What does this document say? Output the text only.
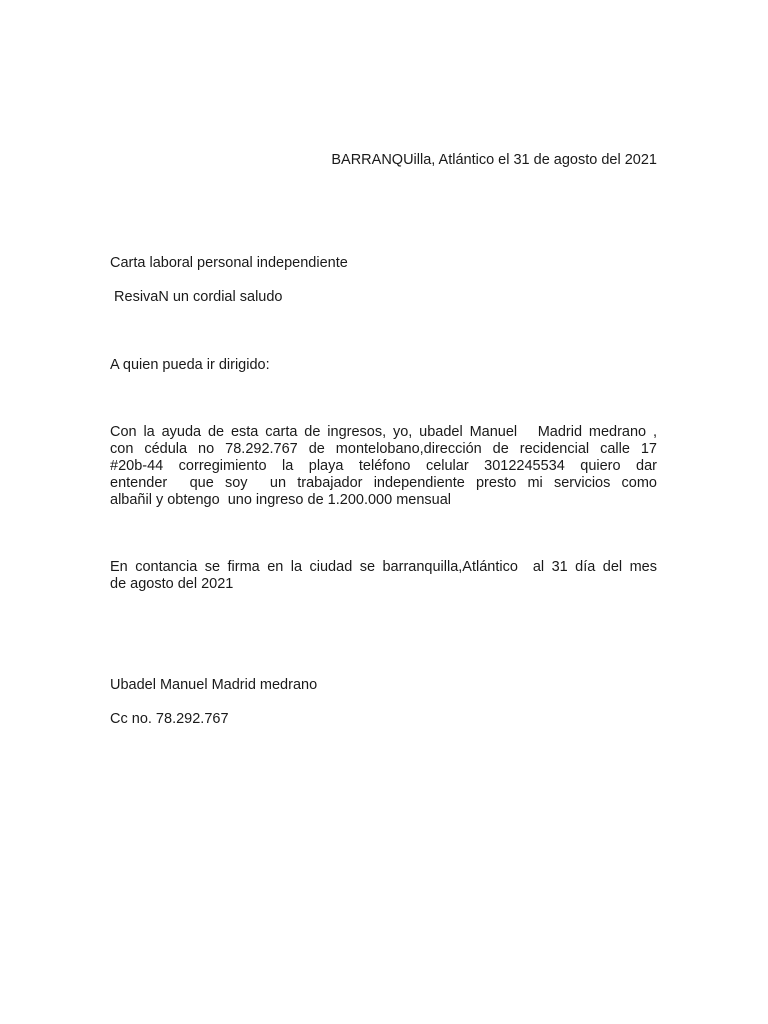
BARRANQUilla, Atlántico el 31 de agosto del 2021
Carta laboral personal independiente
ResivaN un cordial saludo
A quien pueda ir dirigido:
Con la ayuda de esta carta de ingresos, yo, ubadel Manuel   Madrid medrano ,
con cédula no 78.292.767 de montelobano,dirección de recidencial calle 17
#20b-44 corregimiento la playa teléfono celular 3012245534 quiero dar
entender  que soy  un trabajador independiente presto mi servicios como
albañil y obtengo  uno ingreso de 1.200.000 mensual
En contancia se firma en la ciudad se barranquilla,Atlántico  al 31 día del mes
de agosto del 2021
Ubadel Manuel Madrid medrano
Cc no. 78.292.767
